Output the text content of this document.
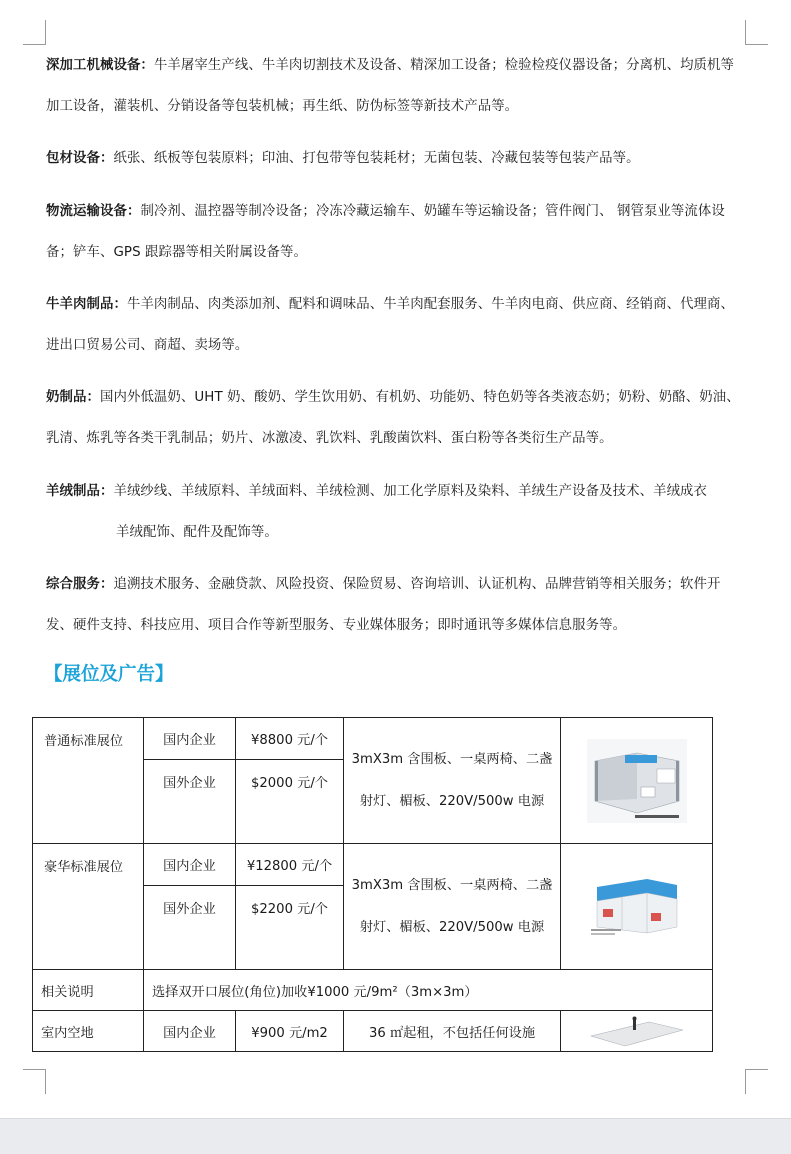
深加工机械设备：牛羊屠宰生产线、牛羊肉切割技术及设备、精深加工设备；检验检疫仪器设备；分离机、均质机等加工设备，灌装机、分销设备等包装机械；再生纸、防伪标签等新技术产品等。

包材设备：纸张、纸板等包装原料；印油、打包带等包装耗材；无菌包装、冷藏包装等包装产品等。

物流运输设备：制冷剂、温控器等制冷设备；冷冻冷藏运输车、奶罐车等运输设备；管件阀门、 钢管泵业等流体设备；铲车、GPS 跟踪器等相关附属设备等。

牛羊肉制品：牛羊肉制品、肉类添加剂、配料和调味品、牛羊肉配套服务、牛羊肉电商、供应商、经销商、代理商、进出口贸易公司、商超、卖场等。

奶制品：国内外低温奶、UHT 奶、酸奶、学生饮用奶、有机奶、功能奶、特色奶等各类液态奶；奶粉、奶酪、奶油、乳清、炼乳等各类干乳制品；奶片、冰激凌、乳饮料、乳酸菌饮料、蛋白粉等各类衍生产品等。

羊绒制品：羊绒纱线、羊绒原料、羊绒面料、羊绒检测、加工化学原料及染料、羊绒生产设备及技术、羊绒成衣
羊绒配饰、配件及配饰等。

综合服务：追溯技术服务、金融贷款、风险投资、保险贸易、咨询培训、认证机构、品牌营销等相关服务；软件开发、硬件支持、科技应用、项目合作等新型服务、专业媒体服务；即时通讯等多媒体信息服务等。

【展位及广告】
普通标准展位	国内企业	¥8800 元/个	3mX3m 含围板、一桌两椅、二盏射灯、楣板、220V/500w 电源	

	国外企业	$2000 元/个		
豪华标准展位	国内企业	¥12800 元/个	3mX3m 含围板、一桌两椅、二盏射灯、楣板、220V/500w 电源	

	国外企业	$2200 元/个		
相关说明	选择双开口展位(角位)加收¥1000 元/9m²（3m×3m）			
室内空地	国内企业	¥900 元/m2	36 ㎡起租，不包括任何设施	
